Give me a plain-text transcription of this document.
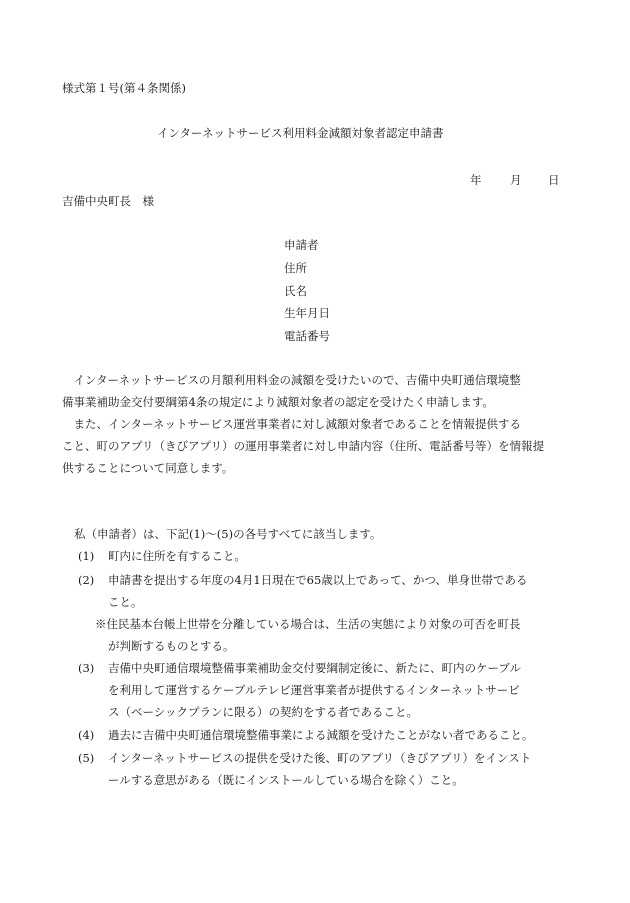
様式第１号(第４条関係)
インターネットサービス利用料金減額対象者認定申請書
年 月 日
吉備中央町長　様
申請者
住所
氏名
生年月日
電話番号
　インターネットサービスの月額利用料金の減額を受けたいので、吉備中央町通信環境整
備事業補助金交付要綱第4条の規定により減額対象者の認定を受けたく申請します。
　また、インターネットサービス運営事業者に対し減額対象者であることを情報提供する
こと、町のアプリ（きびアプリ）の運用事業者に対し申請内容（住所、電話番号等）を情報提
供することについて同意します。
私（申請者）は、下記(1)～(5)の各号すべてに該当します。
(1) 町内に住所を有すること。
(2) 申請書を提出する年度の4月1日現在で65歳以上であって、かつ、単身世帯である
こと。
※住民基本台帳上世帯を分離している場合は、生活の実態により対象の可否を町長
が判断するものとする。
(3) 吉備中央町通信環境整備事業補助金交付要綱制定後に、新たに、町内のケーブル
を利用して運営するケーブルテレビ運営事業者が提供するインターネットサービ
ス（ベーシックプランに限る）の契約をする者であること。
(4) 過去に吉備中央町通信環境整備事業による減額を受けたことがない者であること。
(5) インターネットサービスの提供を受けた後、町のアプリ（きびアプリ）をインスト
ールする意思がある（既にインストールしている場合を除く）こと。
